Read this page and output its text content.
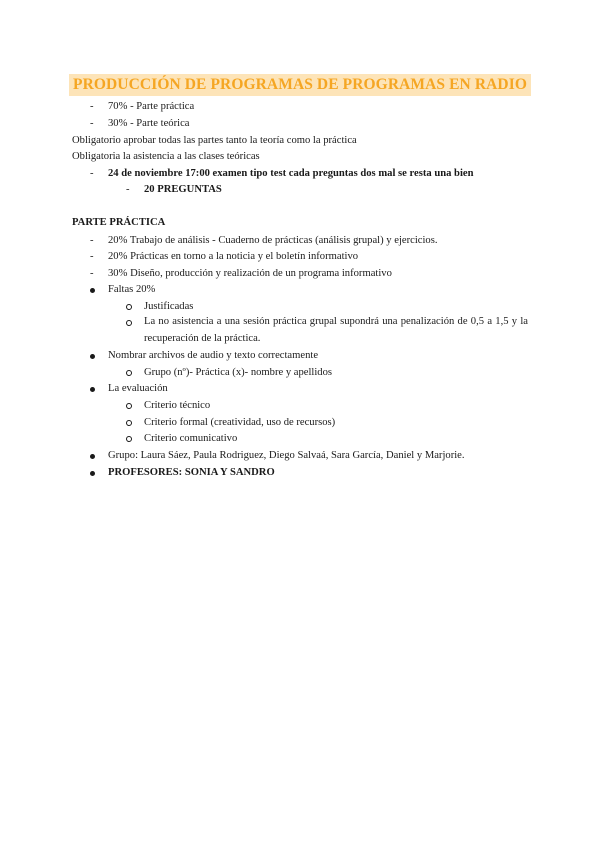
PRODUCCIÓN DE PROGRAMAS DE PROGRAMAS EN RADIO
- 70% - Parte práctica
- 30% - Parte teórica
Obligatorio aprobar todas las partes tanto la teoría como la práctica
Obligatoria la asistencia a las clases teóricas
- 24 de noviembre 17:00 examen tipo test cada preguntas dos mal se resta una bien
- 20 PREGUNTAS
PARTE PRÁCTICA
- 20% Trabajo de análisis - Cuaderno de prácticas (análisis grupal) y ejercicios.
- 20% Prácticas en torno a la noticia y el boletín informativo
- 30% Diseño, producción y realización de un programa informativo
Faltas 20%
Justificadas
La no asistencia a una sesión práctica grupal supondrá una penalización de 0,5 a 1,5 y la recuperación de la práctica.
Nombrar archivos de audio y texto correctamente
Grupo (nº)- Práctica (x)- nombre y apellidos
La evaluación
Criterio técnico
Criterio formal (creatividad, uso de recursos)
Criterio comunicativo
Grupo: Laura Sáez, Paula Rodriguez, Diego Salvaá, Sara García, Daniel y Marjorie.
PROFESORES: SONIA Y SANDRO
